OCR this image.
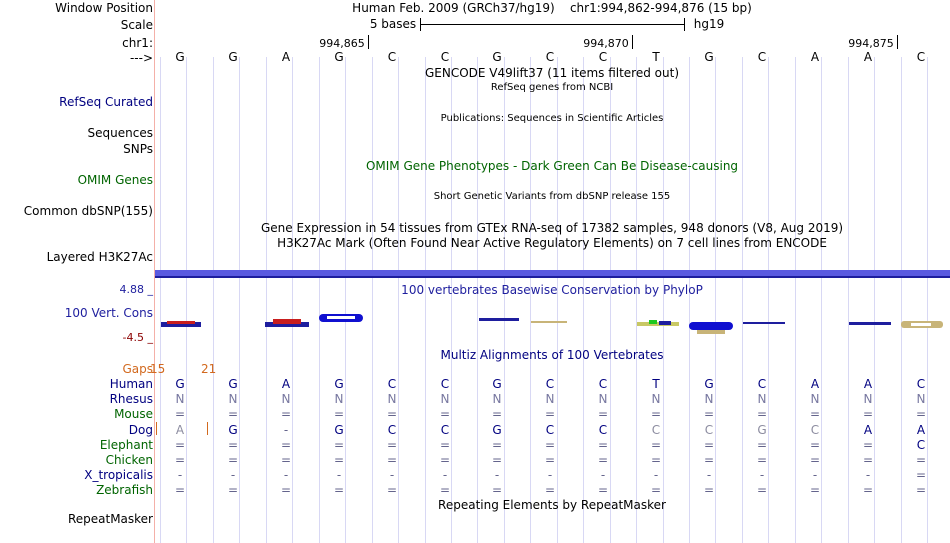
Window Position	Human Feb. 2009 (GRCh37/hg19)    chr1:994,862-994,876 (15 bp)
Scale	5 bases	hg19
chr1:	994,865	994,870	994,875
---> G	G	A	G	C	C	G	C	C	T	G	C	A	A	C
GENCODE V49lift37 (11 items filtered out)
RefSeq genes from NCBI
RefSeq Curated
Publications: Sequences in Scientific Articles
Sequences
SNPs
OMIM Gene Phenotypes - Dark Green Can Be Disease-causing
OMIM Genes
Short Genetic Variants from dbSNP release 155
Common dbSNP(155)
Gene Expression in 54 tissues from GTEx RNA-seq of 17382 samples, 948 donors (V8, Aug 2019)
H3K27Ac Mark (Often Found Near Active Regulatory Elements) on 7 cell lines from ENCODE
Layered H3K27Ac
4.88 _	100 vertebrates Basewise Conservation by PhyloP
100 Vert. Cons
-4.5 _
Multiz Alignments of 100 Vertebrates
Gaps
15	21
Human G	G	A	G	C	C	G	C	C	T	G	C	A	A	C
Rhesus N	N	N	N	N	N	N	N	N	N	N	N	N	N	N
Mouse =	=	=	=	=	=	=	=	=	=	=	=	=	=	=
Dog	A	G	-	G	C	C	G	C	C	C	C	G	C	A	A
Elephant =	=	=	=	=	=	=	=	=	=	=	=	=	=	C
Chicken =	=	=	=	=	=	=	=	=	=	=	=	=	=	=
X_tropicalis	-	-	-	-	-	-	-	-	-	-	-	-	-	-	=
Zebrafish =	=	=	=	=	=	=	=	=	=	=	=	=	=	=
Repeating Elements by RepeatMasker
RepeatMasker
